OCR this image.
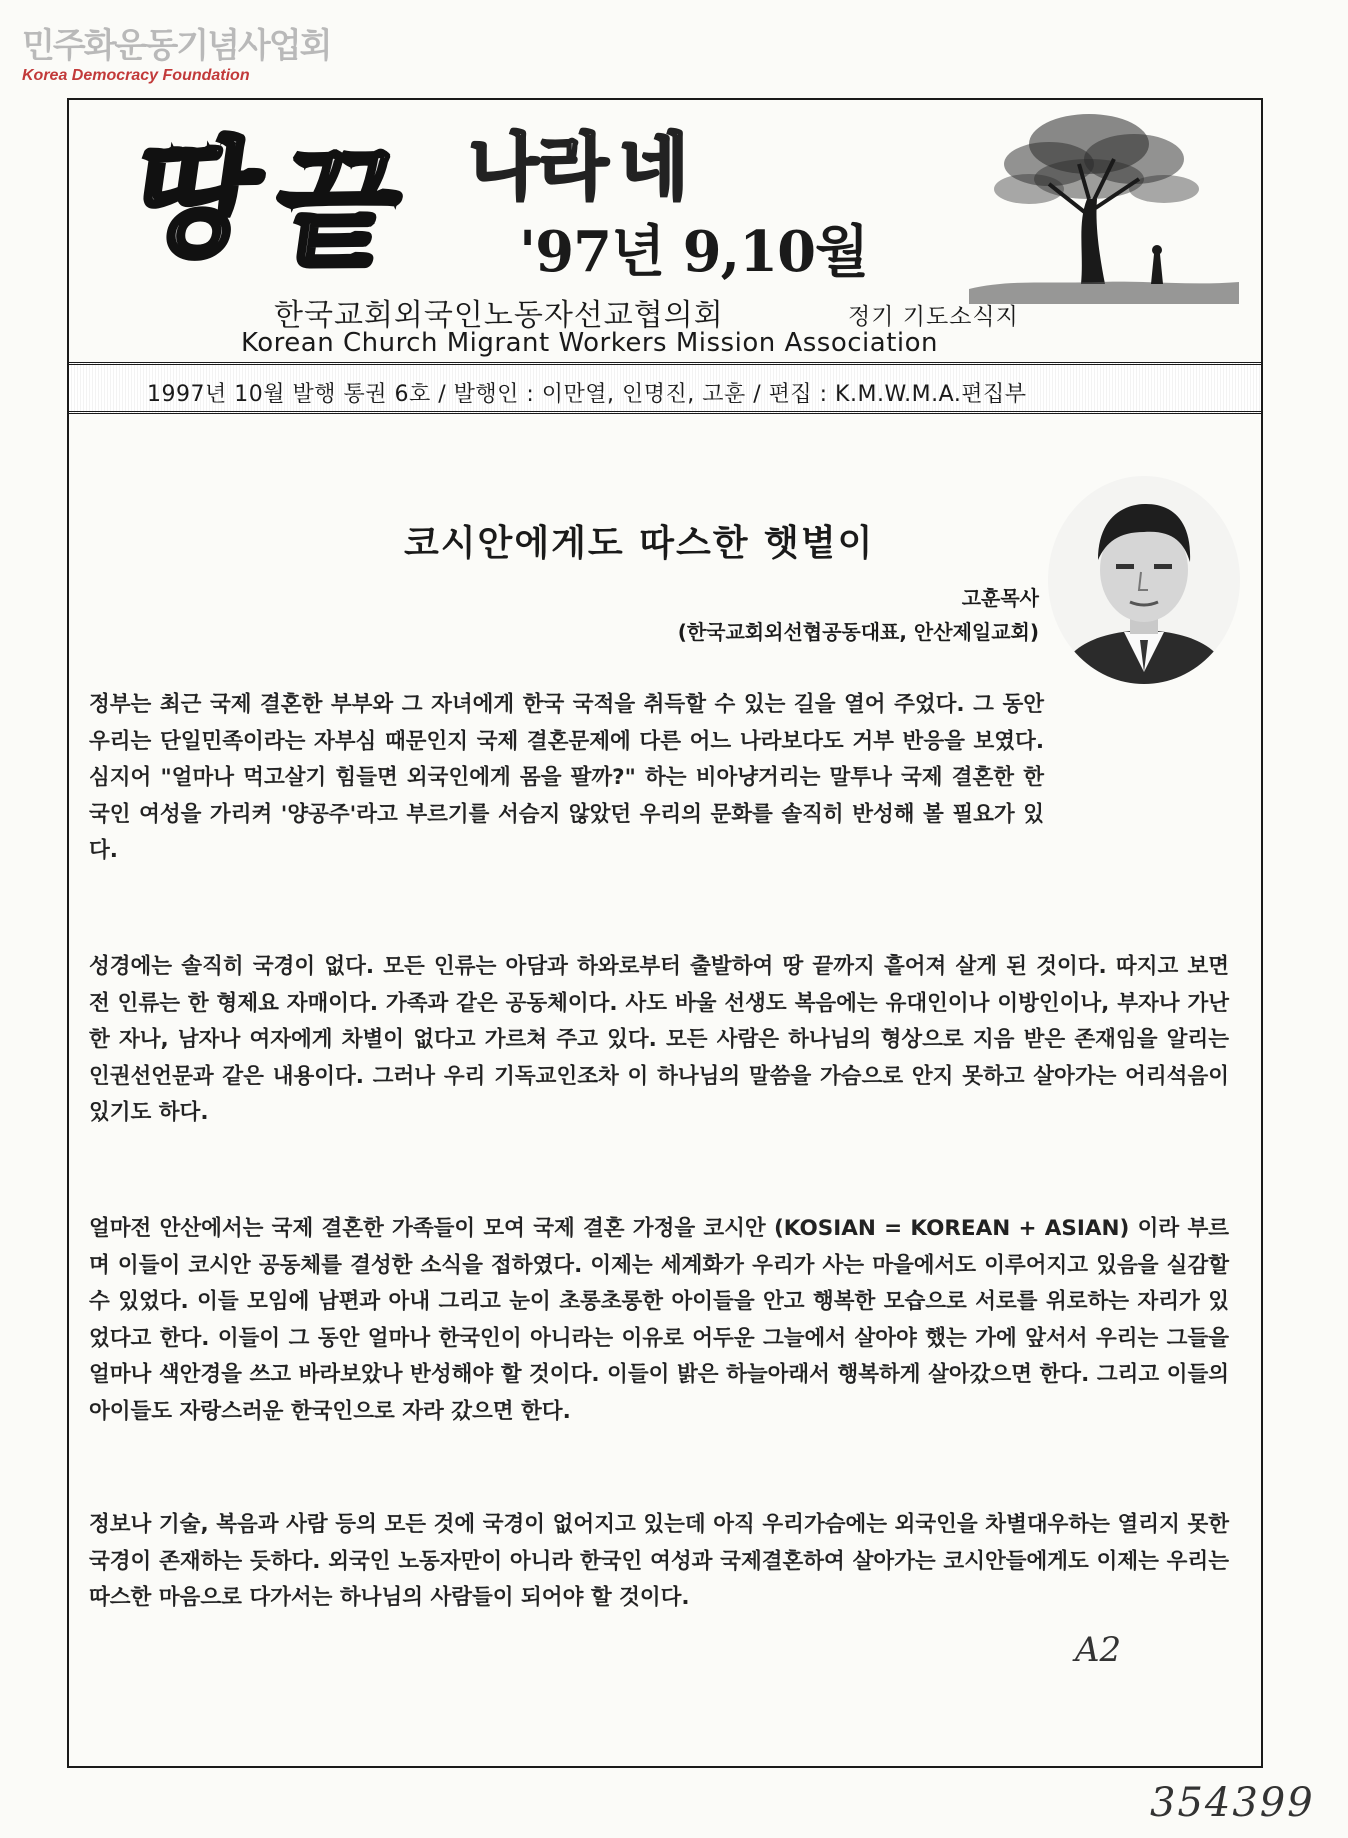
민주화운동기념사업회
Korea Democracy Foundation
땅
끝 나라 네
'97년 9,10월
한국교회외국인노동자선교협의회	정기 기도소식지
Korean Church Migrant Workers Mission Association
1997년 10월 발행 통권 6호 / 발행인 : 이만열, 인명진, 고훈 / 편집 : K.M.W.M.A.편집부
코시안에게도 따스한 햇볕이
고훈목사
(한국교회외선협공동대표, 안산제일교회)

정부는 최근 국제 결혼한 부부와 그 자녀에게 한국 국적을 취득할 수 있는 길을 열어 주었다. 그 동안 우리는 단일민족이라는 자부심 때문인지 국제 결혼문제에 다른 어느 나라보다도 거부 반응을 보였다. 심지어 "얼마나 먹고살기 힘들면 외국인에게 몸을 팔까?" 하는 비아냥거리는 말투나 국제 결혼한 한국인 여성을 가리켜 '양공주'라고 부르기를 서슴지 않았던 우리의 문화를 솔직히 반성해 볼 필요가 있다.

성경에는 솔직히 국경이 없다. 모든 인류는 아담과 하와로부터 출발하여 땅 끝까지 흩어져 살게 된 것이다. 따지고 보면 전 인류는 한 형제요 자매이다. 가족과 같은 공동체이다. 사도 바울 선생도 복음에는 유대인이나 이방인이나, 부자나 가난한 자나, 남자나 여자에게 차별이 없다고 가르쳐 주고 있다. 모든 사람은 하나님의 형상으로 지음 받은 존재임을 알리는 인권선언문과 같은 내용이다. 그러나 우리 기독교인조차 이 하나님의 말씀을 가슴으로 안지 못하고 살아가는 어리석음이 있기도 하다.

얼마전 안산에서는 국제 결혼한 가족들이 모여 국제 결혼 가정을 코시안 (KOSIAN = KOREAN + ASIAN) 이라 부르며 이들이 코시안 공동체를 결성한 소식을 접하였다. 이제는 세계화가 우리가 사는 마을에서도 이루어지고 있음을 실감할 수 있었다. 이들 모임에 남편과 아내 그리고 눈이 초롱초롱한 아이들을 안고 행복한 모습으로 서로를 위로하는 자리가 있었다고 한다. 이들이 그 동안 얼마나 한국인이 아니라는 이유로 어두운 그늘에서 살아야 했는 가에 앞서서 우리는 그들을 얼마나 색안경을 쓰고 바라보았나 반성해야 할 것이다. 이들이 밝은 하늘아래서 행복하게 살아갔으면 한다. 그리고 이들의 아이들도 자랑스러운 한국인으로 자라 갔으면 한다.

정보나 기술, 복음과 사람 등의 모든 것에 국경이 없어지고 있는데 아직 우리가슴에는 외국인을 차별대우하는 열리지 못한 국경이 존재하는 듯하다. 외국인 노동자만이 아니라 한국인 여성과 국제결혼하여 살아가는 코시안들에게도 이제는 우리는 따스한 마음으로 다가서는 하나님의 사람들이 되어야 할 것이다.

A2
354399
